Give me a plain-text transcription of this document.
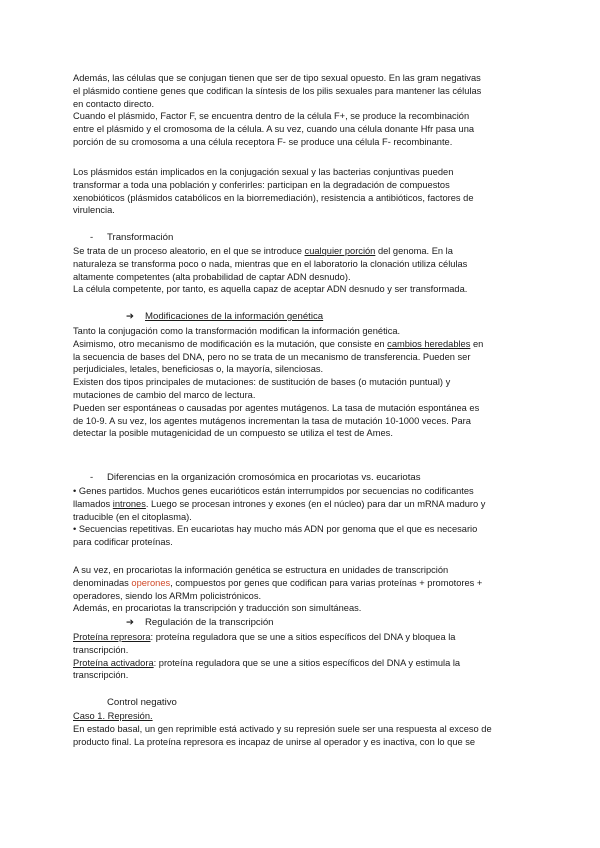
Además, las células que se conjugan tienen que ser de tipo sexual opuesto. En las gram negativas

el plásmido contiene genes que codifican la síntesis de los pilis sexuales para mantener las células

en contacto directo.

Cuando el plásmido, Factor F, se encuentra dentro de la célula F+, se produce la recombinación

entre el plásmido y el cromosoma de la célula. A su vez, cuando una célula donante Hfr pasa una

porción de su cromosoma a una célula receptora F- se produce una célula F- recombinante.

Los plásmidos están implicados en la conjugación sexual y las bacterias conjuntivas pueden

transformar a toda una población y conferirles: participan en la degradación de compuestos

xenobióticos (plásmidos catabólicos en la biorremediación), resistencia a antibióticos, factores de

virulencia.

- Transformación

Se trata de un proceso aleatorio, en el que se introduce cualquier porción del genoma. En la

naturaleza se transforma poco o nada, mientras que en el laboratorio la clonación utiliza células

altamente competentes (alta probabilidad de captar ADN desnudo).

La célula competente, por tanto, es aquella capaz de aceptar ADN desnudo y ser transformada.

➔ Modificaciones de la información genética

Tanto la conjugación como la transformación modifican la información genética.

Asimismo, otro mecanismo de modificación es la mutación, que consiste en cambios heredables en

la secuencia de bases del DNA, pero no se trata de un mecanismo de transferencia. Pueden ser

perjudiciales, letales, beneficiosas o, la mayoría, silenciosas.

Existen dos tipos principales de mutaciones: de sustitución de bases (o mutación puntual) y

mutaciones de cambio del marco de lectura.

Pueden ser espontáneas o causadas por agentes mutágenos. La tasa de mutación espontánea es

de 10-9. A su vez, los agentes mutágenos incrementan la tasa de mutación 10-1000 veces. Para

detectar la posible mutagenicidad de un compuesto se utiliza el test de Ames.

- Diferencias en la organización cromosómica en procariotas vs. eucariotas

• Genes partidos. Muchos genes eucarióticos están interrumpidos por secuencias no codificantes

llamados intrones. Luego se procesan intrones y exones (en el núcleo) para dar un mRNA maduro y

traducible (en el citoplasma).

• Secuencias repetitivas. En eucariotas hay mucho más ADN por genoma que el que es necesario

para codificar proteínas.

A su vez, en procariotas la información genética se estructura en unidades de transcripción

denominadas operones, compuestos por genes que codifican para varias proteínas + promotores +

operadores, siendo los ARMm policistrónicos.

Además, en procariotas la transcripción y traducción son simultáneas.

➔ Regulación de la transcripción

Proteína represora: proteína reguladora que se une a sitios específicos del DNA y bloquea la

transcripción.

Proteína activadora: proteína reguladora que se une a sitios específicos del DNA y estimula la

transcripción.

Control negativo

Caso 1. Represión.

En estado basal, un gen reprimible está activado y su represión suele ser una respuesta al exceso de

producto final. La proteína represora es incapaz de unirse al operador y es inactiva, con lo que se
